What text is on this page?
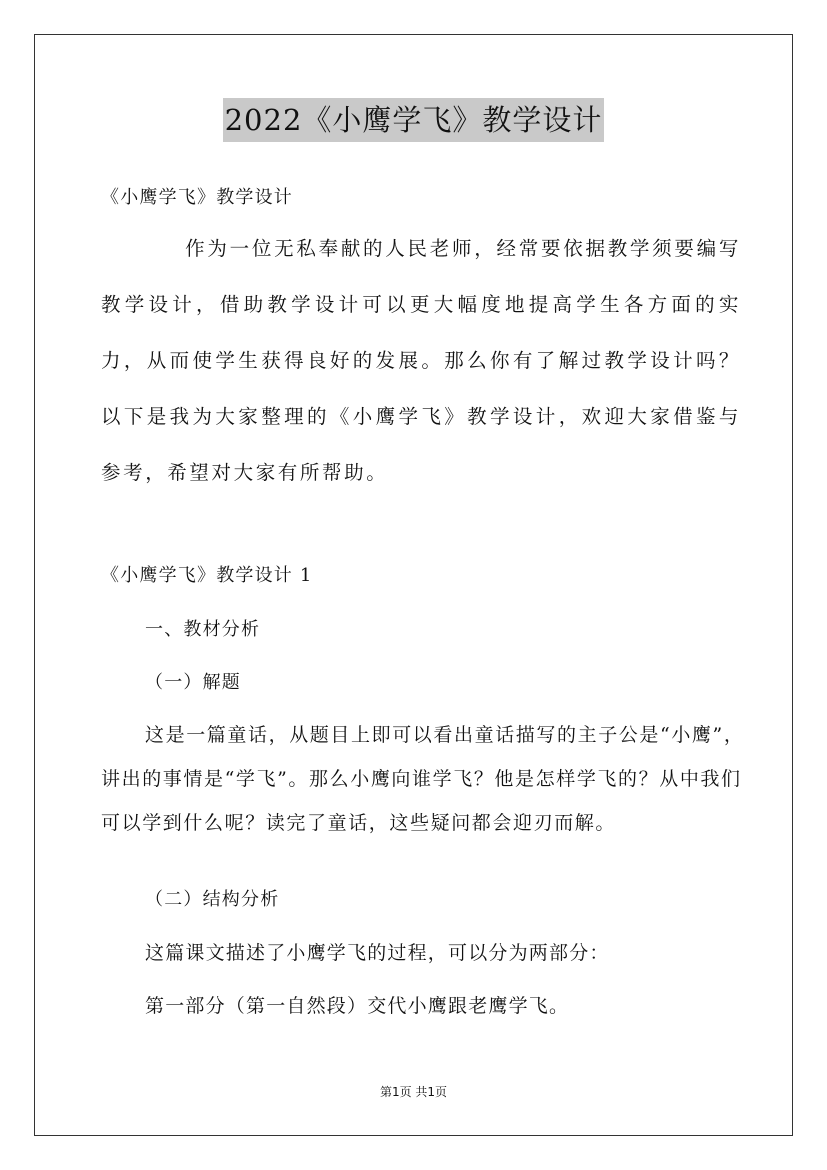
2022《小鹰学飞》教学设计
《小鹰学飞》教学设计
作为一位无私奉献的人民老师，经常要依据教学须要编写教学设计，借助教学设计可以更大幅度地提高学生各方面的实力，从而使学生获得良好的发展。那么你有了解过教学设计吗？以下是我为大家整理的《小鹰学飞》教学设计，欢迎大家借鉴与参考，希望对大家有所帮助。
《小鹰学飞》教学设计 1
一、教材分析
（一）解题
这是一篇童话，从题目上即可以看出童话描写的主子公是“小鹰”，讲出的事情是“学飞”。那么小鹰向谁学飞？他是怎样学飞的？从中我们可以学到什么呢？读完了童话，这些疑问都会迎刃而解。
（二）结构分析
这篇课文描述了小鹰学飞的过程，可以分为两部分：
第一部分（第一自然段）交代小鹰跟老鹰学飞。
第1页 共1页
